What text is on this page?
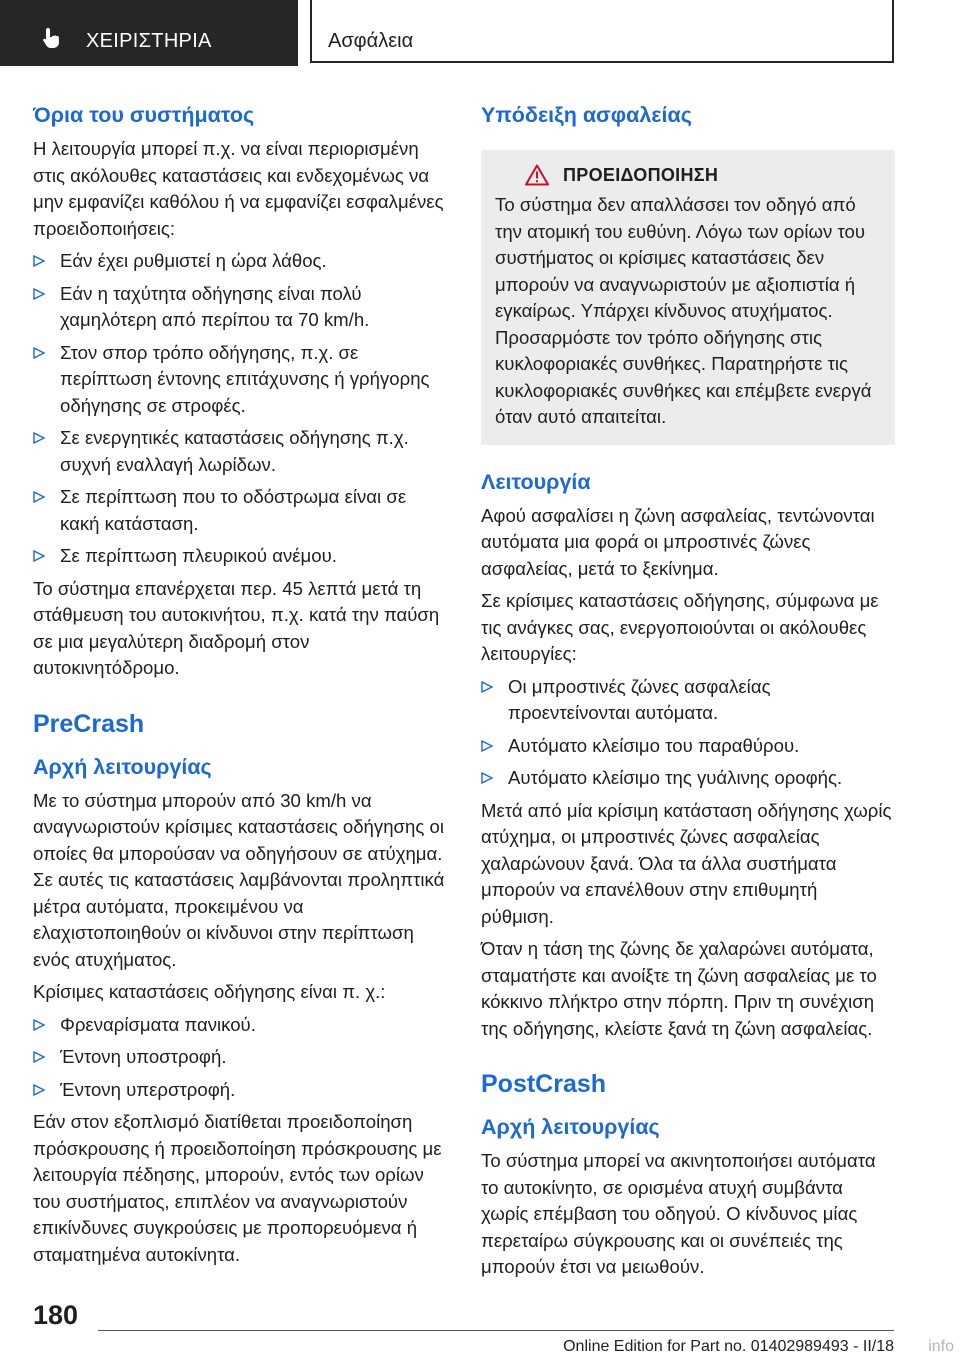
ΧΕΙΡΙΣΤΗΡΙΑ	Ασφάλεια
Όρια του συστήματος

Η λειτουργία μπορεί π.χ. να είναι περιορισμένη στις ακόλουθες καταστάσεις και ενδεχομένως να μην εμφανίζει καθόλου ή να εμφανίζει εσφαλμένες προειδοποιήσεις:

Εάν έχει ρυθμιστεί η ώρα λάθος.
Εάν η ταχύτητα οδήγησης είναι πολύ χαμηλότερη από περίπου τα 70 km/h.
Στον σπορ τρόπο οδήγησης, π.χ. σε περίπτωση έντονης επιτάχυνσης ή γρήγορης οδήγησης σε στροφές.
Σε ενεργητικές καταστάσεις οδήγησης π.χ. συχνή εναλλαγή λωρίδων.
Σε περίπτωση που το οδόστρωμα είναι σε κακή κατάσταση.
Σε περίπτωση πλευρικού ανέμου.

Το σύστημα επανέρχεται περ. 45 λεπτά μετά τη στάθμευση του αυτοκινήτου, π.χ. κατά την παύση σε μια μεγαλύτερη διαδρομή στον αυτοκινητόδρομο.

PreCrash
Αρχή λειτουργίας

Με το σύστημα μπορούν από 30 km/h να αναγνωριστούν κρίσιμες καταστάσεις οδήγησης οι οποίες θα μπορούσαν να οδηγήσουν σε ατύχημα. Σε αυτές τις καταστάσεις λαμβάνονται προληπτικά μέτρα αυτόματα, προκειμένου να ελαχιστοποιηθούν οι κίνδυνοι στην περίπτωση ενός ατυχήματος.

Κρίσιμες καταστάσεις οδήγησης είναι π. χ.:

Φρεναρίσματα πανικού.
Έντονη υποστροφή.
Έντονη υπερστροφή.

Εάν στον εξοπλισμό διατίθεται προειδοποίηση πρόσκρουσης ή προειδοποίηση πρόσκρουσης με λειτουργία πέδησης, μπορούν, εντός των ορίων του συστήματος, επιπλέον να αναγνωριστούν επικίνδυνες συγκρούσεις με προπορευόμενα ή σταματημένα αυτοκίνητα.

Υπόδειξη ασφαλείας
ΠΡΟΕΙΔΟΠΟΙΗΣΗ

Το σύστημα δεν απαλλάσσει τον οδηγό από την ατομική του ευθύνη. Λόγω των ορίων του συστήματος οι κρίσιμες καταστάσεις δεν μπορούν να αναγνωριστούν με αξιοπιστία ή εγκαίρως. Υπάρχει κίνδυνος ατυχήματος. Προσαρμόστε τον τρόπο οδήγησης στις κυκλοφοριακές συνθήκες. Παρατηρήστε τις κυκλοφοριακές συνθήκες και επέμβετε ενεργά όταν αυτό απαιτείται.

Λειτουργία

Αφού ασφαλίσει η ζώνη ασφαλείας, τεντώνονται αυτόματα μια φορά οι μπροστινές ζώνες ασφαλείας, μετά το ξεκίνημα.

Σε κρίσιμες καταστάσεις οδήγησης, σύμφωνα με τις ανάγκες σας, ενεργοποιούνται οι ακόλουθες λειτουργίες:

Οι μπροστινές ζώνες ασφαλείας προεντείνονται αυτόματα.
Αυτόματο κλείσιμο του παραθύρου.
Αυτόματο κλείσιμο της γυάλινης οροφής.

Μετά από μία κρίσιμη κατάσταση οδήγησης χωρίς ατύχημα, οι μπροστινές ζώνες ασφαλείας χαλαρώνουν ξανά. Όλα τα άλλα συστήματα μπορούν να επανέλθουν στην επιθυμητή ρύθμιση.

Όταν η τάση της ζώνης δε χαλαρώνει αυτόματα, σταματήστε και ανοίξτε τη ζώνη ασφαλείας με το κόκκινο πλήκτρο στην πόρπη. Πριν τη συνέχιση της οδήγησης, κλείστε ξανά τη ζώνη ασφαλείας.

PostCrash
Αρχή λειτουργίας

Το σύστημα μπορεί να ακινητοποιήσει αυτόματα το αυτοκίνητο, σε ορισμένα ατυχή συμβάντα χωρίς επέμβαση του οδηγού. Ο κίνδυνος μίας περεταίρω σύγκρουσης και οι συνέπειές της μπορούν έτσι να μειωθούν.

180
Online Edition for Part no. 01402989493 - II/18 info
